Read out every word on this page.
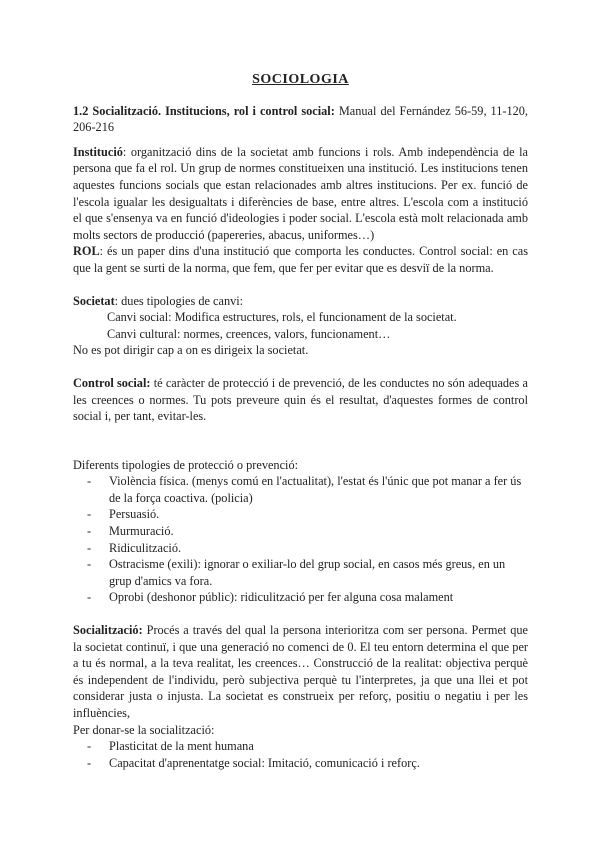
SOCIOLOGIA

1.2 Socialització. Institucions, rol i control social: Manual del Fernández 56-59, 11-120, 206-216

Institució: organització dins de la societat amb funcions i rols. Amb independència de la persona que fa el rol. Un grup de normes constitueixen una institució. Les institucions tenen aquestes funcions socials que estan relacionades amb altres institucions. Per ex. funció de l'escola igualar les desigualtats i diferències de base, entre altres. L'escola com a institució el que s'ensenya va en funció d'ideologies i poder social. L'escola està molt relacionada amb molts sectors de producció (papereries, abacus, uniformes…)

ROL: és un paper dins d'una institució que comporta les conductes. Control social: en cas que la gent se surti de la norma, que fem, que fer per evitar que es desviï de la norma.

Societat: dues tipologies de canvi:

Canvi social: Modifica estructures, rols, el funcionament de la societat.

Canvi cultural: normes, creences, valors, funcionament…

No es pot dirigir cap a on es dirigeix la societat.

Control social: té caràcter de protecció i de prevenció, de les conductes no són adequades a les creences o normes. Tu pots preveure quin és el resultat, d'aquestes formes de control social i, per tant, evitar-les.

Diferents tipologies de protecció o prevenció:

- Violència física. (menys comú en l'actualitat), l'estat és l'únic que pot manar a fer ús de la força coactiva. (policia)
- Persuasió.
- Murmuració.
- Ridiculització.
- Ostracisme (exili): ignorar o exiliar-lo del grup social, en casos més greus, en un grup d'amics va fora.
- Oprobi (deshonor públic): ridiculització per fer alguna cosa malament

Socialització: Procés a través del qual la persona interioritza com ser persona. Permet que la societat continuï, i que una generació no comenci de 0. El teu entorn determina el que per a tu és normal, a la teva realitat, les creences… Construcció de la realitat: objectiva perquè és independent de l'individu, però subjectiva perquè tu l'interpretes, ja que una llei et pot considerar justa o injusta. La societat es construeix per reforç, positiu o negatiu i per les influències,

Per donar-se la socialització:

- Plasticitat de la ment humana
- Capacitat d'aprenentatge social: Imitació, comunicació i reforç.
